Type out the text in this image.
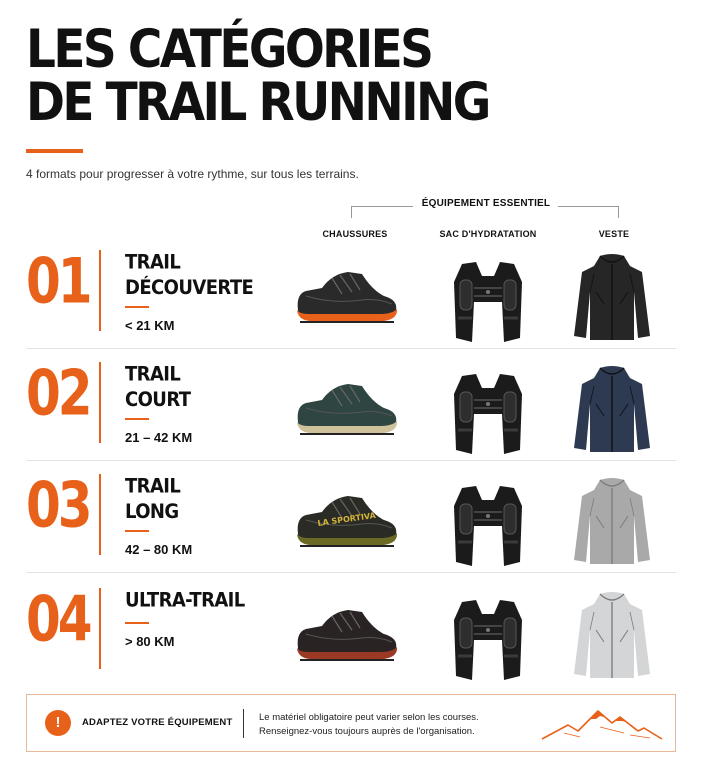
LES CATÉGORIES
DE TRAIL RUNNING
4 formats pour progresser à votre rythme, sur tous les terrains.
ÉQUIPEMENT ESSENTIEL
CHAUSSURES	SAC D'HYDRATATION	VESTE
01 TRAIL
DÉCOUVERTE
< 21 KM
02 TRAIL
COURT
21 – 42 KM
03 TRAIL
LONG
42 – 80 KM
LA SPORTIVA
04 ULTRA-TRAIL
> 80 KM
!	ADAPTEZ VOTRE ÉQUIPEMENT	Le matériel obligatoire peut varier selon les courses.
Renseignez-vous toujours auprès de l'organisation.
